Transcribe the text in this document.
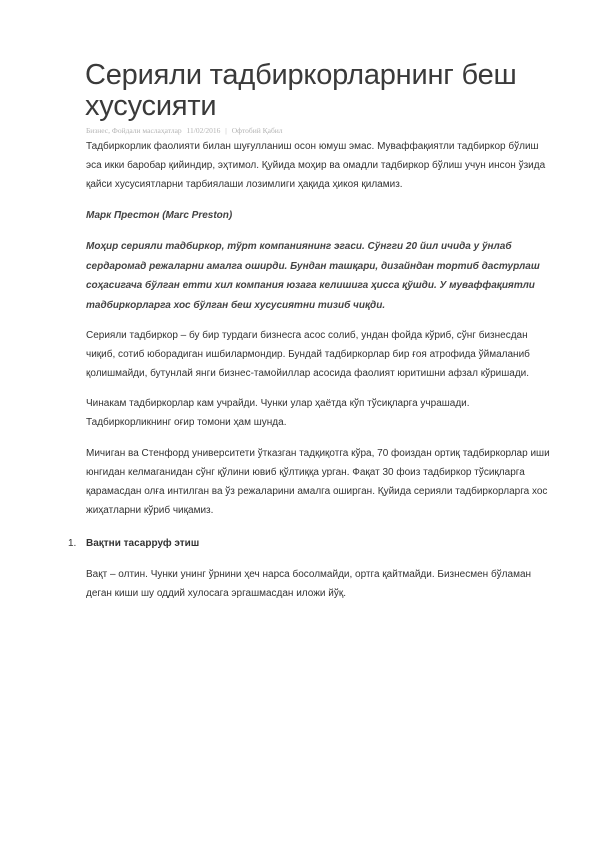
Серияли тадбиркорларнинг беш хусусияти
Бизнес, Фойдали маслаҳатлар 11/02/2016 | Офтобий Қабил

Тадбиркорлик фаолияти билан шуғулланиш осон юмуш эмас. Муваффақиятли тадбиркор бўлиш эса икки баробар қийиндир, эҳтимол. Қуйида моҳир ва омадли тадбиркор бўлиш учун инсон ўзида қайси хусусиятларни тарбиялаши лозимлиги ҳақида ҳикоя қиламиз.

Марк Престон (Marc Preston)

Моҳир серияли тадбиркор, тўрт компаниянинг эгаси. Сўнгги 20 йил ичида у ўнлаб сердаромад режаларни амалга оширди. Бундан ташқари, дизайндан тортиб дастурлаш соҳасигача бўлган етти хил компания юзага келишига ҳисса қўшди. У муваффақиятли тадбиркорларга хос бўлган беш хусусиятни тизиб чиқди.

Серияли тадбиркор – бу бир турдаги бизнесга асос солиб, ундан фойда кўриб, сўнг бизнесдан чиқиб, сотиб юборадиган ишбилармондир. Бундай тадбиркорлар бир ғоя атрофида ўймаланиб қолишмайди, бутунлай янги бизнес-тамойиллар асосида фаолият юритишни афзал кўришади.

Чинакам тадбиркорлар кам учрайди. Чунки улар ҳаётда кўп тўсиқларга учрашади. Тадбиркорликнинг оғир томони ҳам шунда.

Мичиган ва Стенфорд университети ўтказган тадқиқотга кўра, 70 фоиздан ортиқ тадбиркорлар иши юнгидан келмаганидан сўнг қўлини ювиб қўлтиққа урган. Фақат 30 фоиз тадбиркор тўсиқларга қарамасдан олға интилган ва ўз режаларини амалга оширган. Қуйида серияли тадбиркорларга хос жиҳатларни кўриб чиқамиз.

1. Вақтни тасарруф этиш

Вақт – олтин. Чунки унинг ўрнини ҳеч нарса босолмайди, ортга қайтмайди. Бизнесмен бўламан деган киши шу оддий хулосага эргашмасдан иложи йўқ.
